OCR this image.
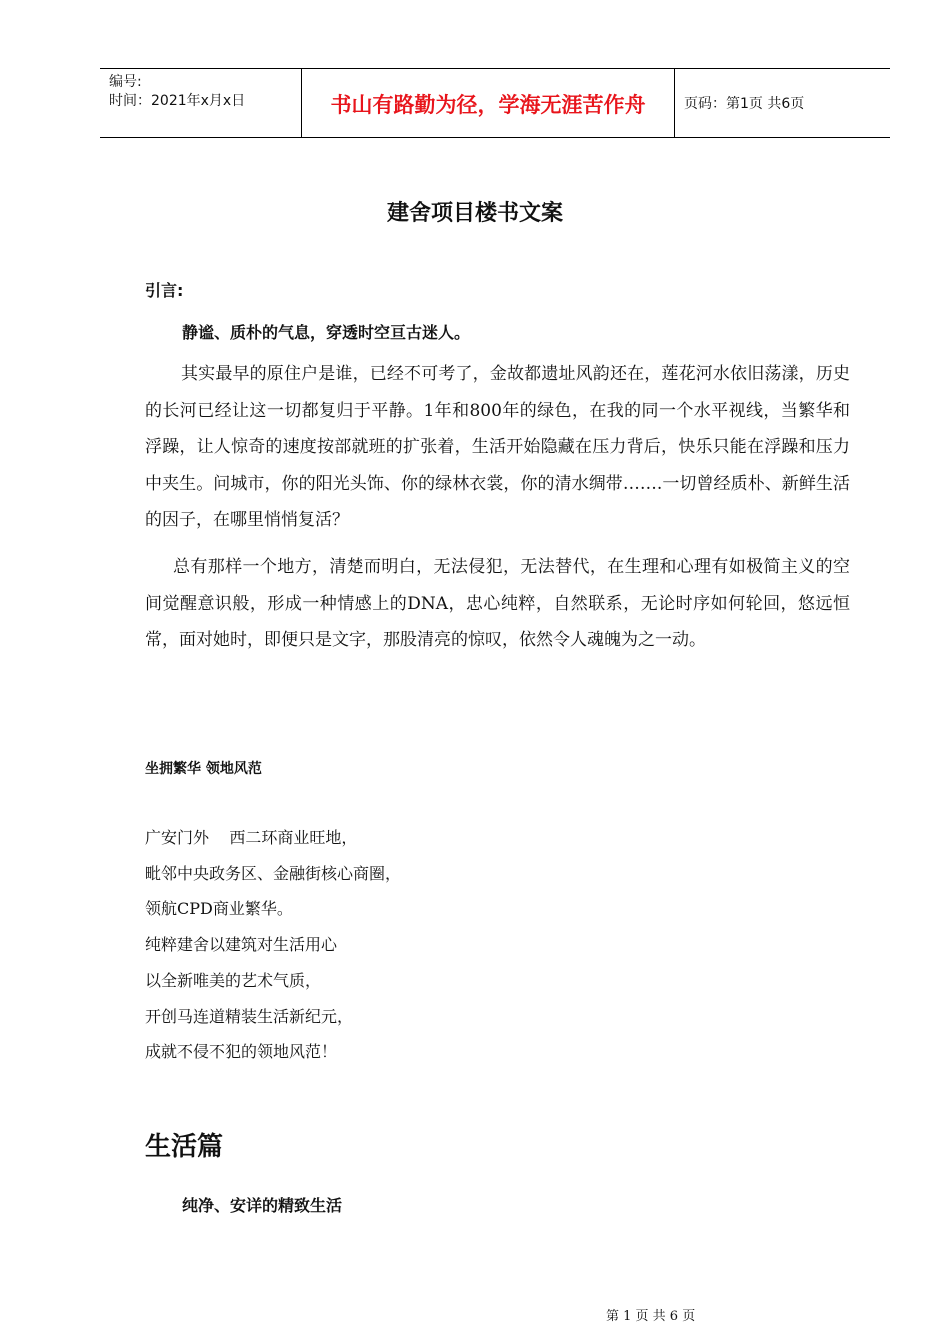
编号:
时间：2021年x月x日	书山有路勤为径，学海无涯苦作舟	页码：第1页 共6页
建舍项目楼书文案
引言:
静谧、质朴的气息，穿透时空亘古迷人。

其实最早的原住户是谁，已经不可考了，金故都遗址风韵还在，莲花河水依旧荡漾，历史的长河已经让这一切都复归于平静。1年和800年的绿色，在我的同一个水平视线，当繁华和浮躁，让人惊奇的速度按部就班的扩张着，生活开始隐藏在压力背后，快乐只能在浮躁和压力中夹生。问城市，你的阳光头饰、你的绿林衣裳，你的清水绸带…….一切曾经质朴、新鲜生活的因子，在哪里悄悄复活？

总有那样一个地方，清楚而明白，无法侵犯，无法替代，在生理和心理有如极简主义的空间觉醒意识般，形成一种情感上的DNA，忠心纯粹，自然联系，无论时序如何轮回，悠远恒常，面对她时，即便只是文字，那股清亮的惊叹，依然令人魂魄为之一动。

坐拥繁华 领地风范
广安门外    西二环商业旺地，
毗邻中央政务区、金融街核心商圈，
领航CPD商业繁华。
纯粹建舍以建筑对生活用心
以全新唯美的艺术气质，
开创马连道精装生活新纪元，
成就不侵不犯的领地风范！
生活篇
纯净、安详的精致生活
第 1 页 共 6 页
